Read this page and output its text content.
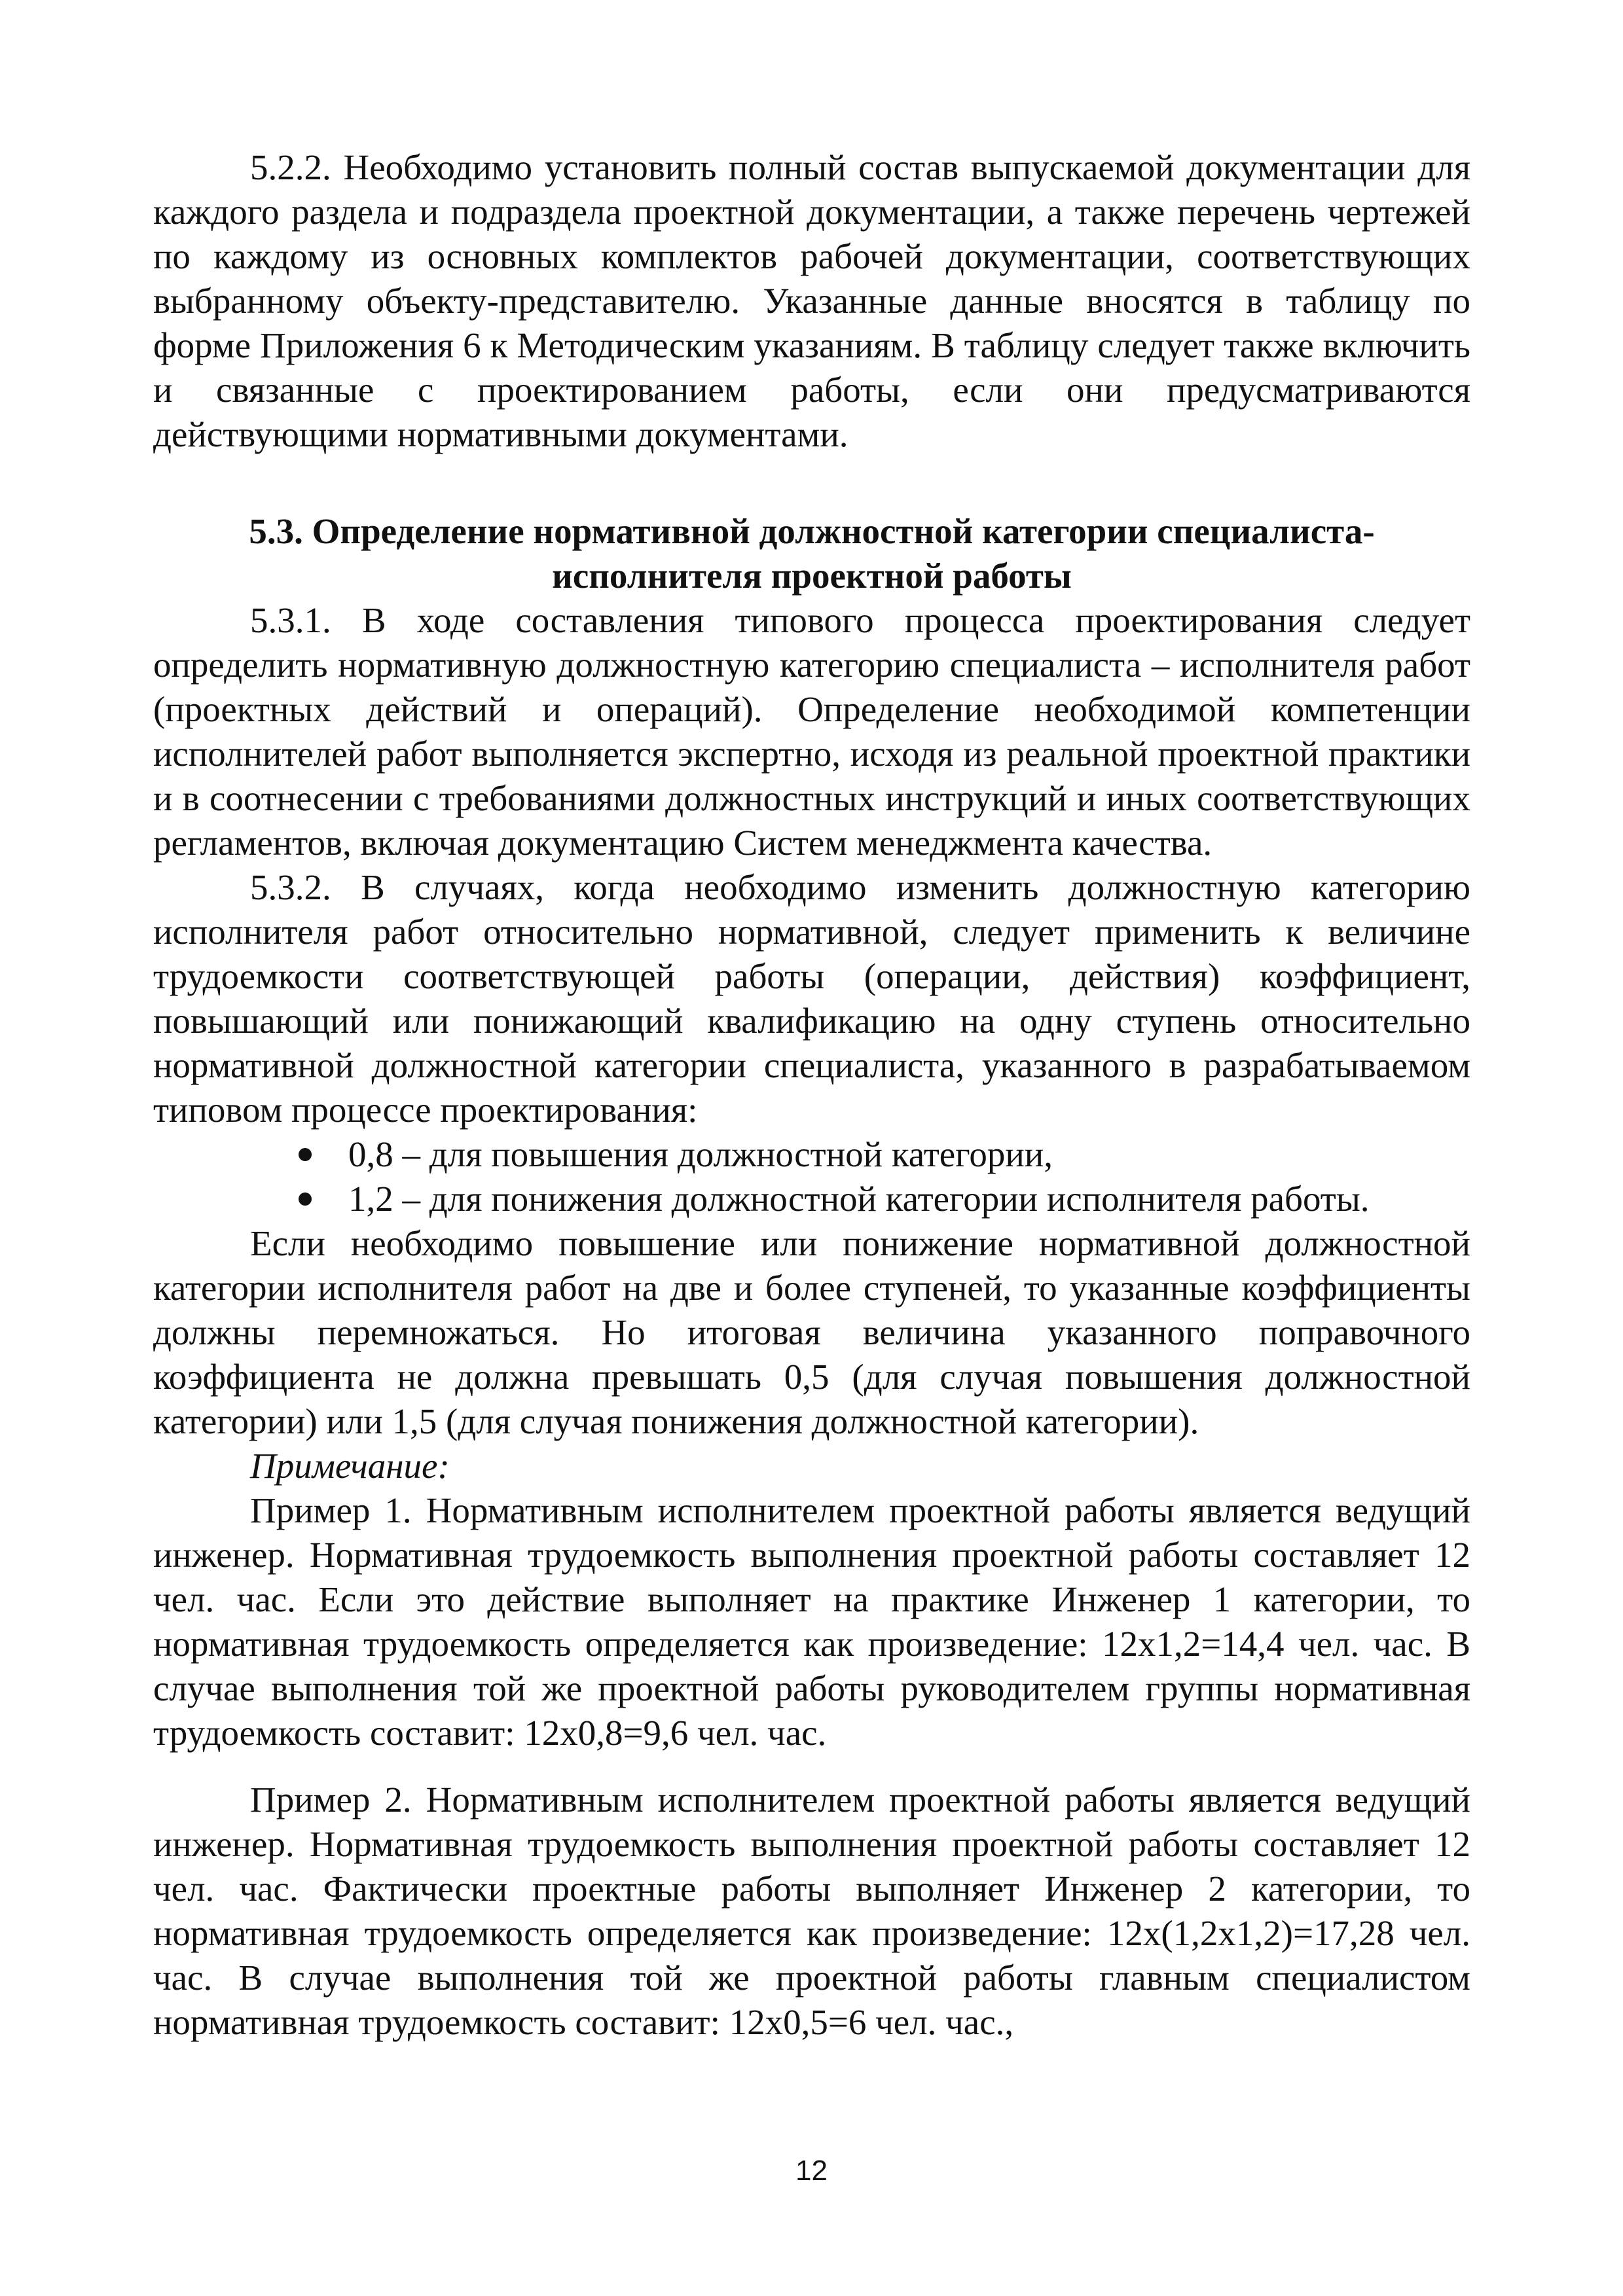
5.2.2. Необходимо установить полный состав выпускаемой документации для каждого раздела и подраздела проектной документации, а также перечень чертежей по каждому из основных комплектов рабочей документации, соответствующих выбранному объекту-представителю. Указанные данные вносятся в таблицу по форме Приложения 6 к Методическим указаниям. В таблицу следует также включить и связанные с проектированием работы, если они предусматриваются действующими нормативными документами.

5.3. Определение нормативной должностной категории специалиста-исполнителя проектной работы

5.3.1. В ходе составления типового процесса проектирования следует определить нормативную должностную категорию специалиста – исполнителя работ (проектных действий и операций). Определение необходимой компетенции исполнителей работ выполняется экспертно, исходя из реальной проектной практики и в соотнесении с требованиями должностных инструкций и иных соответствующих регламентов, включая документацию Систем менеджмента качества.

5.3.2. В случаях, когда необходимо изменить должностную категорию исполнителя работ относительно нормативной, следует применить к величине трудоемкости соответствующей работы (операции, действия) коэффициент, повышающий или понижающий квалификацию на одну ступень относительно нормативной должностной категории специалиста, указанного в разрабатываемом типовом процессе проектирования:

0,8 – для повышения должностной категории,
1,2 – для понижения должностной категории исполнителя работы.

Если необходимо повышение или понижение нормативной должностной категории исполнителя работ на две и более ступеней, то указанные коэффициенты должны перемножаться. Но итоговая величина указанного поправочного коэффициента не должна превышать 0,5 (для случая повышения должностной категории) или 1,5 (для случая понижения должностной категории).

Примечание:

Пример 1. Нормативным исполнителем проектной работы является ведущий инженер. Нормативная трудоемкость выполнения проектной работы составляет 12 чел. час. Если это действие выполняет на практике Инженер 1 категории, то нормативная трудоемкость определяется как произведение: 12х1,2=14,4 чел. час. В случае выполнения той же проектной работы руководителем группы нормативная трудоемкость составит: 12х0,8=9,6 чел. час.

Пример 2. Нормативным исполнителем проектной работы является ведущий инженер. Нормативная трудоемкость выполнения проектной работы составляет 12 чел. час. Фактически проектные работы выполняет Инженер 2 категории, то нормативная трудоемкость определяется как произведение: 12х(1,2х1,2)=17,28 чел. час. В случае выполнения той же проектной работы главным специалистом нормативная трудоемкость составит: 12х0,5=6 чел. час.,

12
